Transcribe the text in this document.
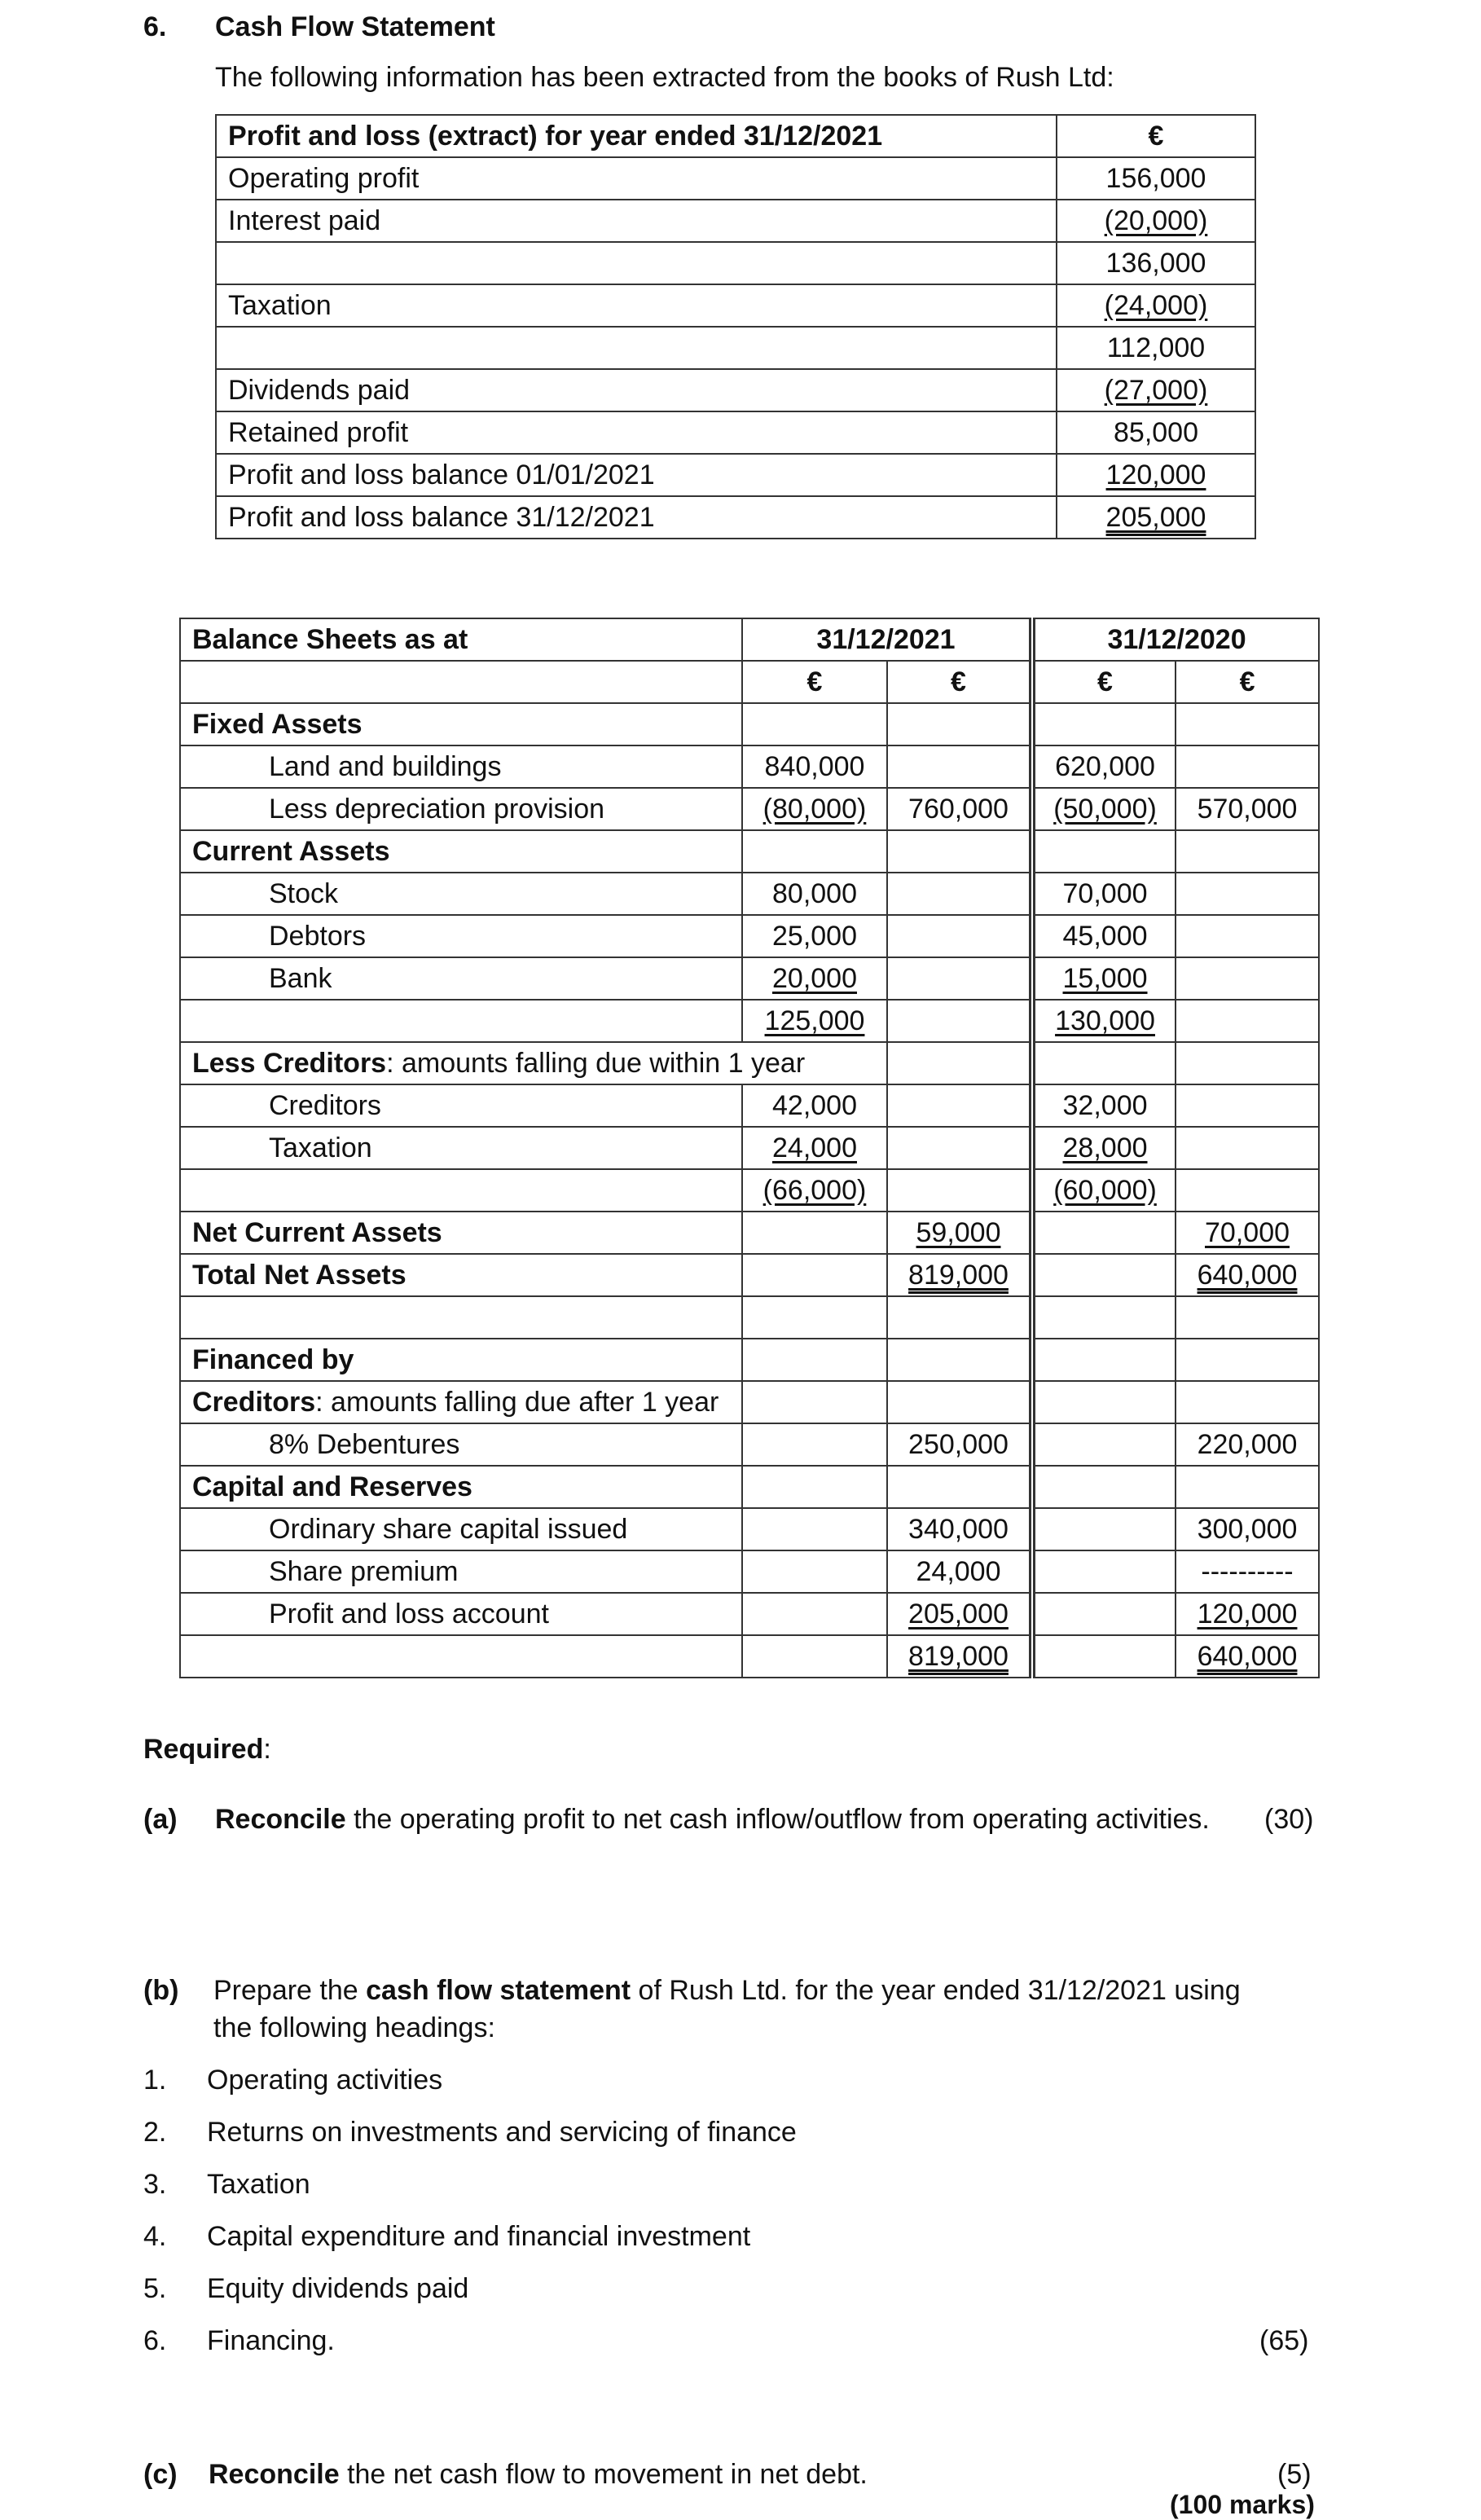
6. Cash Flow Statement
The following information has been extracted from the books of Rush Ltd:
Profit and loss (extract) for year ended 31/12/2021	€
Operating profit	156,000
Interest paid	(20,000)
	136,000
Taxation	(24,000)
	112,000
Dividends paid	(27,000)
Retained profit	85,000
Profit and loss balance 01/01/2021	120,000
Profit and loss balance 31/12/2021	205,000
Balance Sheets as at	31/12/2021		31/12/2020	
	€	€	€	€
Fixed Assets				
Land and buildings	840,000		620,000	
Less depreciation provision	(80,000)	760,000	(50,000)	570,000
Current Assets				
Stock	80,000		70,000	
Debtors	25,000		45,000	
Bank	20,000		15,000	
	125,000		130,000	
Less Creditors: amounts falling due within 1 year				
Creditors	42,000		32,000	
Taxation	24,000		28,000	
	(66,000)		(60,000)	
Net Current Assets		59,000		70,000
Total Net Assets		819,000		640,000

Financed by				
Creditors: amounts falling due after 1 year				
8% Debentures		250,000		220,000
Capital and Reserves				
Ordinary share capital issued		340,000		300,000
Share premium		24,000		----------
Profit and loss account		205,000		120,000
		819,000		640,000
Required:
(a) Reconcile the operating profit to net cash inflow/outflow from operating activities. (30)
(b) Prepare the cash flow statement of Rush Ltd. for the year ended 31/12/2021 using
the following headings:
1.	Operating activities
2.	Returns on investments and servicing of finance
3.	Taxation
4.	Capital expenditure and financial investment
5.	Equity dividends paid
6.	Financing.	(65)
(c) Reconcile the net cash flow to movement in net debt.	(5)
(100 marks)
